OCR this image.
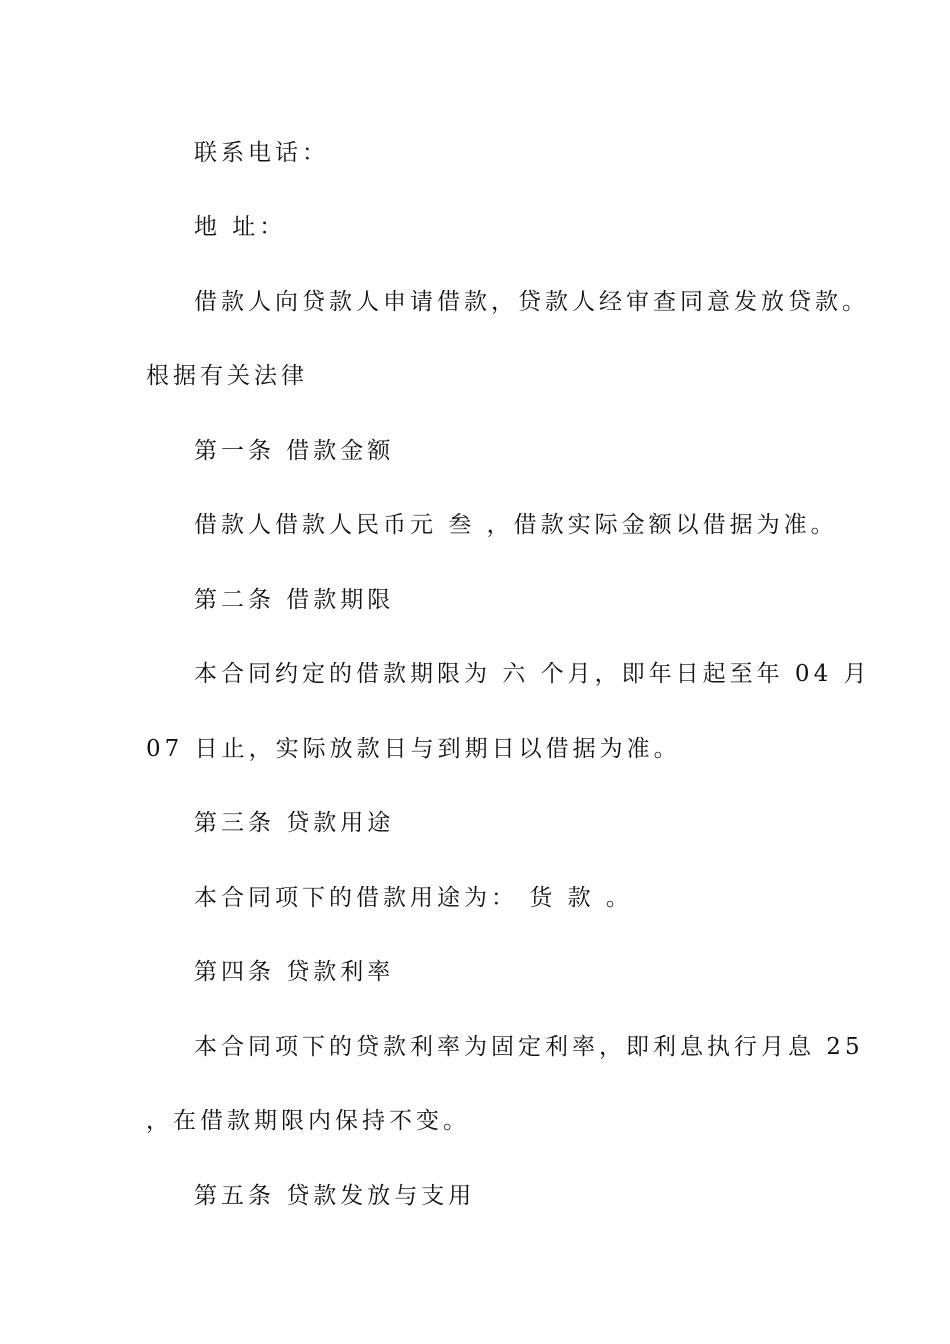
联系电话：
地 址：
借款人向贷款人申请借款，贷款人经审查同意发放贷款。
根据有关法律
第一条 借款金额
借款人借款人民币元 叁 ，借款实际金额以借据为准。
第二条 借款期限
本合同约定的借款期限为 六 个月，即年日起至年 04 月
07 日止，实际放款日与到期日以借据为准。
第三条 贷款用途
本合同项下的借款用途为： 货 款 。
第四条 贷款利率
本合同项下的贷款利率为固定利率，即利息执行月息 25
，在借款期限内保持不变。
第五条 贷款发放与支用
